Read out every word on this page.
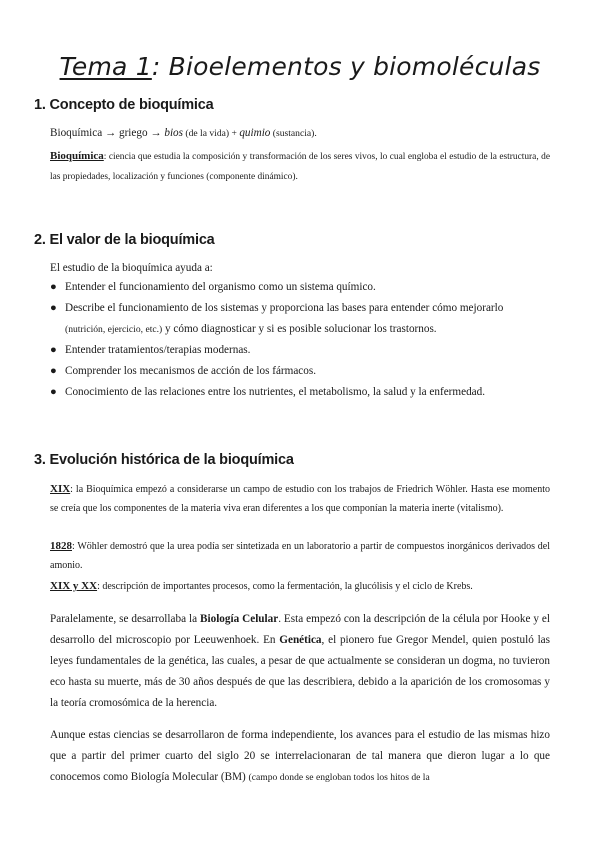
Tema 1: Bioelementos y biomoléculas
1. Concepto de bioquímica
Bioquímica → griego → bios (de la vida) + quimio (sustancia).
Bioquímica: ciencia que estudia la composición y transformación de los seres vivos, lo cual engloba el estudio de la estructura, de las propiedades, localización y funciones (componente dinámico).
2. El valor de la bioquímica
El estudio de la bioquímica ayuda a:
● Entender el funcionamiento del organismo como un sistema químico.
● Describe el funcionamiento de los sistemas y proporciona las bases para entender cómo mejorarlo
(nutrición, ejercicio, etc.) y cómo diagnosticar y si es posible solucionar los trastornos.
● Entender tratamientos/terapias modernas.
● Comprender los mecanismos de acción de los fármacos.
● Conocimiento de las relaciones entre los nutrientes, el metabolismo, la salud y la enfermedad.
3. Evolución histórica de la bioquímica
XIX: la Bioquímica empezó a considerarse un campo de estudio con los trabajos de Friedrich Wöhler. Hasta ese momento se creía que los componentes de la materia viva eran diferentes a los que componían la materia inerte (vitalismo).
1828: Wöhler demostró que la urea podía ser sintetizada en un laboratorio a partir de compuestos inorgánicos derivados del amonio.
XIX y XX: descripción de importantes procesos, como la fermentación, la glucólisis y el ciclo de Krebs.
Paralelamente, se desarrollaba la Biología Celular. Esta empezó con la descripción de la célula por Hooke y el desarrollo del microscopio por Leeuwenhoek. En Genética, el pionero fue Gregor Mendel, quien postuló las leyes fundamentales de la genética, las cuales, a pesar de que actualmente se consideran un dogma, no tuvieron eco hasta su muerte, más de 30 años después de que las describiera, debido a la aparición de los cromosomas y la teoría cromosómica de la herencia.
Aunque estas ciencias se desarrollaron de forma independiente, los avances para el estudio de las mismas hizo que a partir del primer cuarto del siglo 20 se interrelacionaran de tal manera que dieron lugar a lo que conocemos como Biología Molecular (BM) (campo donde se engloban todos los hitos de la
